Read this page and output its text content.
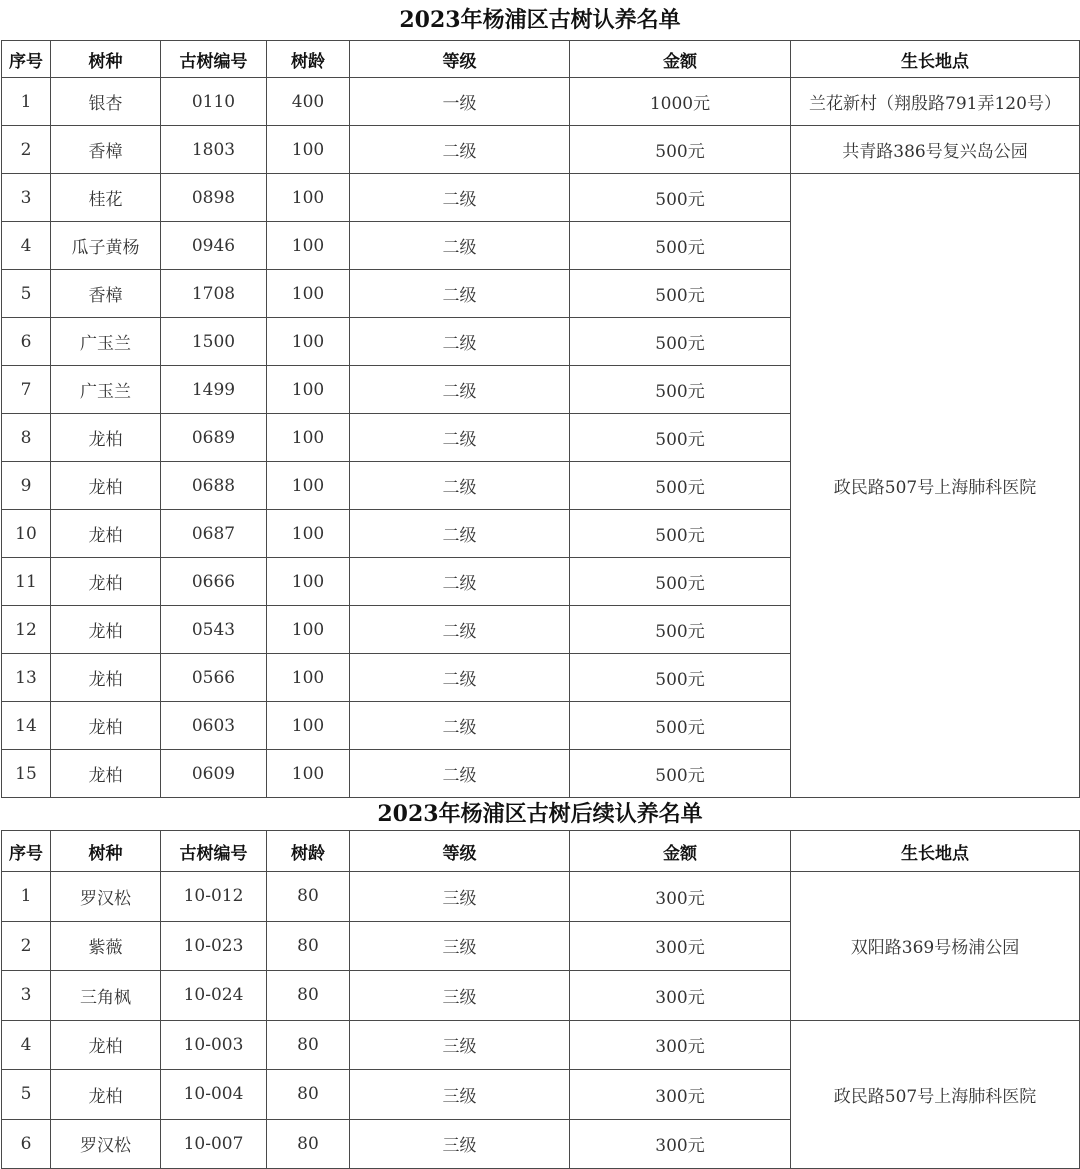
2023年杨浦区古树认养名单
序号	树种	古树编号	树龄	等级	金额	生长地点
1	银杏	0110	400	一级	1000元	兰花新村（翔殷路791弄120号）
2	香樟	1803	100	二级	500元	共青路386号复兴岛公园
3	桂花	0898	100	二级	500元	政民路507号上海肺科医院
4	瓜子黄杨	0946	100	二级	500元	
5	香樟	1708	100	二级	500元	
6	广玉兰	1500	100	二级	500元	
7	广玉兰	1499	100	二级	500元	
8	龙柏	0689	100	二级	500元	
9	龙柏	0688	100	二级	500元	
10	龙柏	0687	100	二级	500元	
11	龙柏	0666	100	二级	500元	
12	龙柏	0543	100	二级	500元	
13	龙柏	0566	100	二级	500元	
14	龙柏	0603	100	二级	500元	
15	龙柏	0609	100	二级	500元	
2023年杨浦区古树后续认养名单
序号	树种	古树编号	树龄	等级	金额	生长地点
1	罗汉松	10-012	80	三级	300元	双阳路369号杨浦公园
2	紫薇	10-023	80	三级	300元	
3	三角枫	10-024	80	三级	300元	
4	龙柏	10-003	80	三级	300元	政民路507号上海肺科医院
5	龙柏	10-004	80	三级	300元	
6	罗汉松	10-007	80	三级	300元	
